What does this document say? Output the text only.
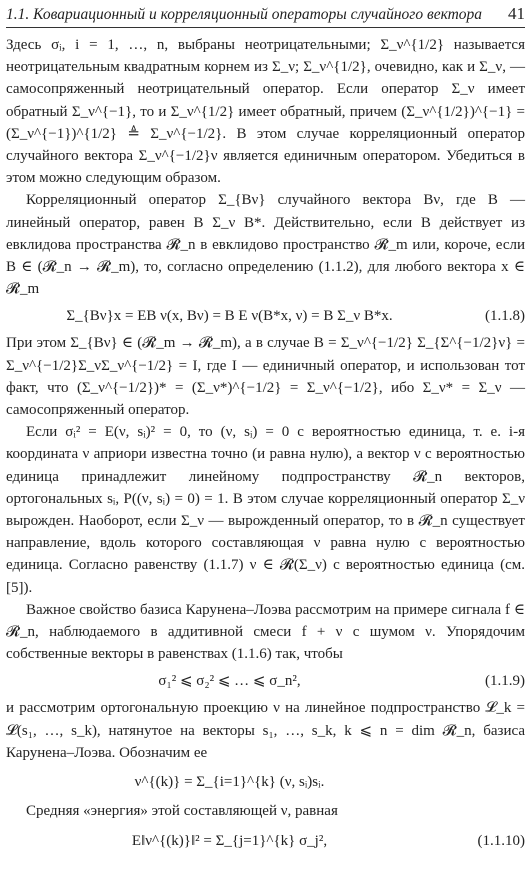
1.1. Ковариационный и корреляционный операторы случайного вектора 41

Здесь σᵢ, i = 1, …, n, выбраны неотрицательными; Σ_ν^{1/2} называется неотрицательным квадратным корнем из Σ_ν; Σ_ν^{1/2}, очевидно, как и Σ_ν, — самосопряженный неотрицательный оператор. Если оператор Σ_ν имеет обратный Σ_ν^{−1}, то и Σ_ν^{1/2} имеет обратный, причем (Σ_ν^{1/2})^{−1} = (Σ_ν^{−1})^{1/2} ≜ Σ_ν^{−1/2}. В этом случае корреляционный оператор случайного вектора Σ_ν^{−1/2}ν является единичным оператором. Убедиться в этом можно следующим образом.

Корреляционный оператор Σ_{Bν} случайного вектора Bν, где B — линейный оператор, равен B Σ_ν B*. Действительно, если B действует из евклидова пространства 𝓡_n в евклидово пространство 𝓡_m или, короче, если B ∈ (𝓡_n → 𝓡_m), то, согласно определению (1.1.2), для любого вектора x ∈ 𝓡_m

Σ_{Bν}x = EB ν(x, Bν) = B E ν(B*x, ν) = B Σ_ν B*x.	(1.1.8)

При этом Σ_{Bν} ∈ (𝓡_m → 𝓡_m), а в случае B = Σ_ν^{−1/2} Σ_{Σ^{−1/2}ν} = Σ_ν^{−1/2}Σ_νΣ_ν^{−1/2} = I, где I — единичный оператор, и использован тот факт, что (Σ_ν^{−1/2})* = (Σ_ν*)^{−1/2} = Σ_ν^{−1/2}, ибо Σ_ν* = Σ_ν — самосопряженный оператор.

Если σᵢ² = E(ν, sᵢ)² = 0, то (ν, sᵢ) = 0 с вероятностью единица, т. е. i-я координата ν априори известна точно (и равна нулю), а вектор ν с вероятностью единица принадлежит линейному подпространству 𝓡_n векторов, ортогональных sᵢ, P((ν, sᵢ) = 0) = 1. В этом случае корреляционный оператор Σ_ν вырожден. Наоборот, если Σ_ν — вырожденный оператор, то в 𝓡_n существует направление, вдоль которого составляющая ν равна нулю с вероятностью единица. Согласно равенству (1.1.7) ν ∈ 𝓡(Σ_ν) с вероятностью единица (см. [5]).

Важное свойство базиса Карунена–Лоэва рассмотрим на примере сигнала f ∈ 𝓡_n, наблюдаемого в аддитивной смеси f + ν с шумом ν. Упорядочим собственные векторы в равенствах (1.1.6) так, чтобы

σ₁² ⩽ σ₂² ⩽ … ⩽ σ_n²,	(1.1.9)

и рассмотрим ортогональную проекцию ν на линейное подпространство 𝓛_k = 𝓛(s₁, …, s_k), натянутое на векторы s₁, …, s_k, k ⩽ n = dim 𝓡_n, базиса Карунена–Лоэва. Обозначим ее

ν^{(k)} = Σ_{i=1}^{k} (ν, sᵢ)sᵢ.

Средняя «энергия» этой составляющей ν, равная

E‖ν^{(k)}‖² = Σ_{j=1}^{k} σ_j²,	(1.1.10)
